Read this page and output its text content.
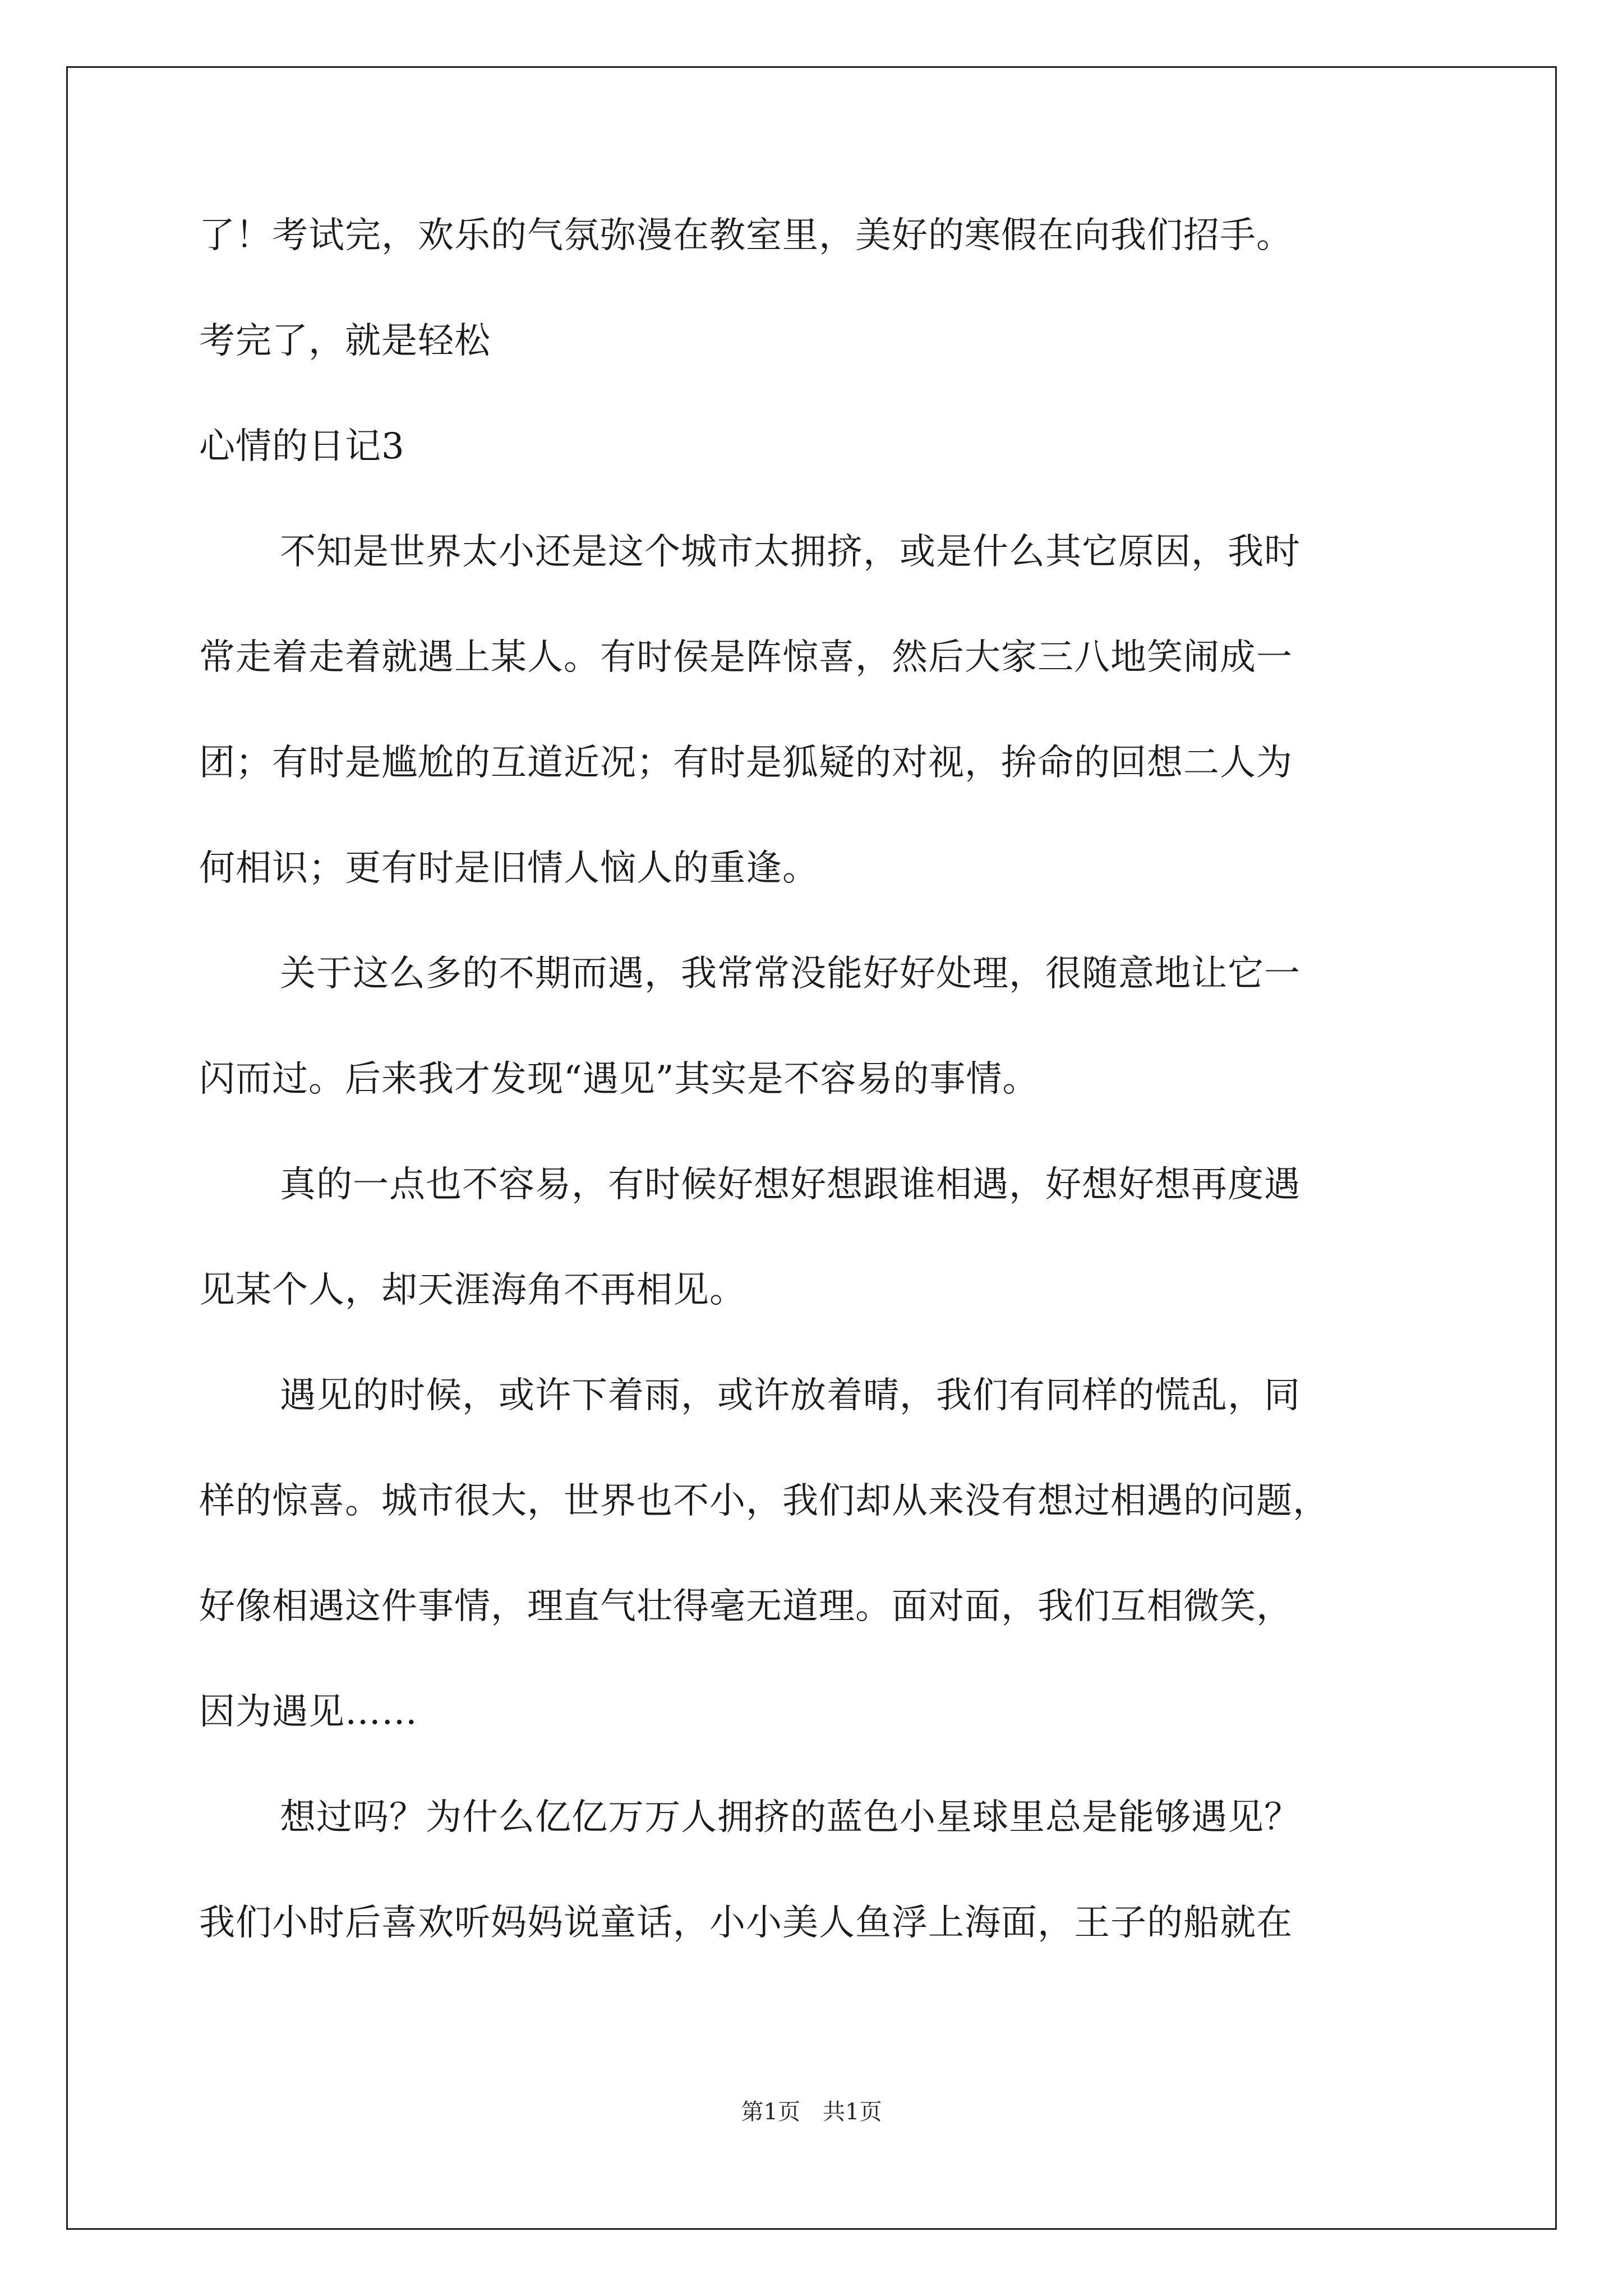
了！考试完，欢乐的气氛弥漫在教室里，美好的寒假在向我们招手。
考完了，就是轻松
心情的日记3
不知是世界太小还是这个城市太拥挤，或是什么其它原因，我时
常走着走着就遇上某人。有时侯是阵惊喜，然后大家三八地笑闹成一
团；有时是尴尬的互道近况；有时是狐疑的对视，拚命的回想二人为
何相识；更有时是旧情人恼人的重逢。
关于这么多的不期而遇，我常常没能好好处理，很随意地让它一
闪而过。后来我才发现“遇见”其实是不容易的事情。
真的一点也不容易，有时候好想好想跟谁相遇，好想好想再度遇
见某个人，却天涯海角不再相见。
遇见的时候，或许下着雨，或许放着晴，我们有同样的慌乱，同
样的惊喜。城市很大，世界也不小，我们却从来没有想过相遇的问题，
好像相遇这件事情，理直气壮得毫无道理。面对面，我们互相微笑，
因为遇见……
想过吗？为什么亿亿万万人拥挤的蓝色小星球里总是能够遇见？
我们小时后喜欢听妈妈说童话，小小美人鱼浮上海面，王子的船就在
第1页 共1页
